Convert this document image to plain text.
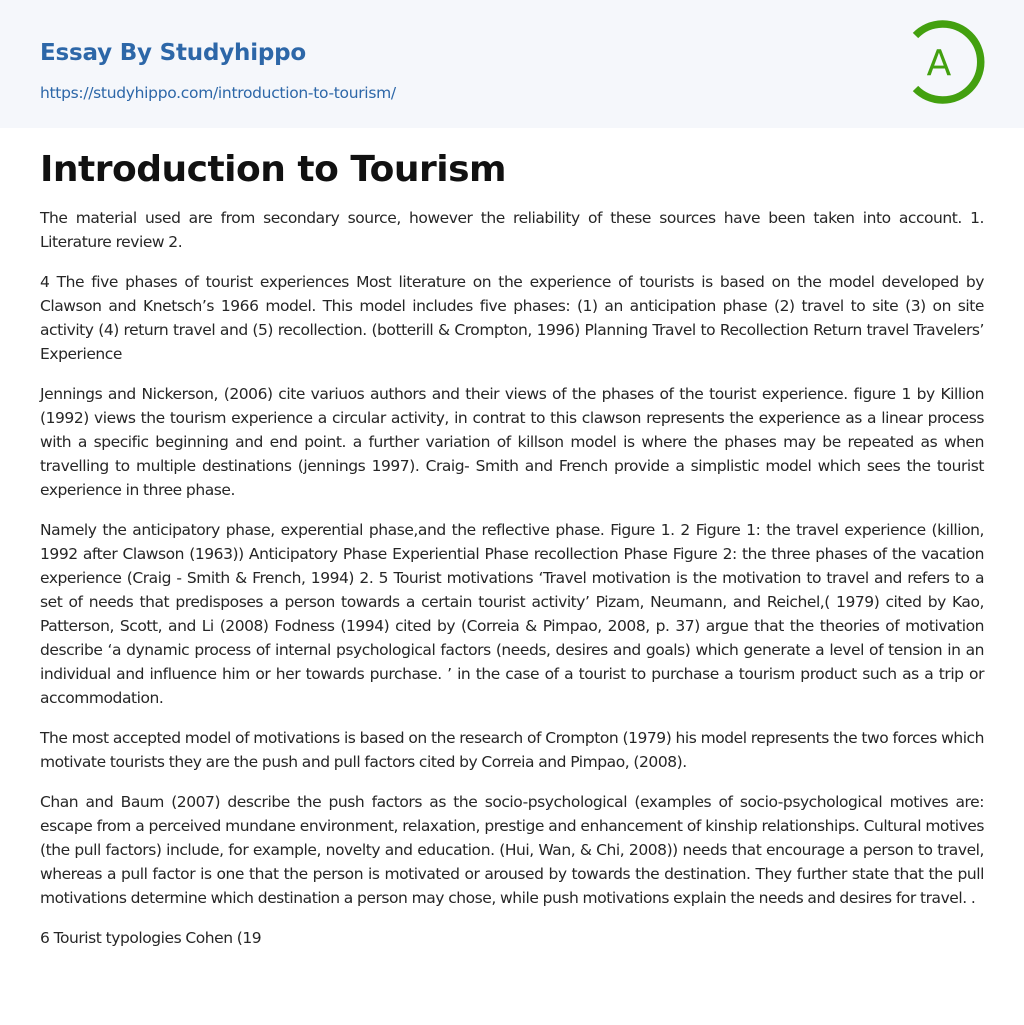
Essay By Studyhippo
https://studyhippo.com/introduction-to-tourism/
A
Introduction to Tourism

The material used are from secondary source, however the reliability of these sources have been taken into account. 1. Literature review 2.

4 The five phases of tourist experiences Most literature on the experience of tourists is based on the model developed by Clawson and Knetsch’s 1966 model. This model includes five phases: (1) an anticipation phase (2) travel to site (3) on site activity (4) return travel and (5) recollection. (botterill & Crompton, 1996) Planning Travel to Recollection Return travel Travelers’ Experience

Jennings and Nickerson, (2006) cite variuos authors and their views of the phases of the tourist experience. figure 1 by Killion (1992) views the tourism experience a circular activity, in contrat to this clawson represents the experience as a linear process with a specific beginning and end point. a further variation of killson model is where the phases may be repeated as when travelling to multiple destinations (jennings 1997). Craig- Smith and French provide a simplistic model which sees the tourist experience in three phase.

Namely the anticipatory phase, experential phase,and the reflective phase. Figure 1. 2 Figure 1: the travel experience (killion, 1992 after Clawson (1963)) Anticipatory Phase Experiential Phase recollection Phase Figure 2: the three phases of the vacation experience (Craig - Smith & French, 1994) 2. 5 Tourist motivations ‘Travel motivation is the motivation to travel and refers to a set of needs that predisposes a person towards a certain tourist activity’ Pizam, Neumann, and Reichel,( 1979) cited by Kao, Patterson, Scott, and Li (2008) Fodness (1994) cited by (Correia & Pimpao, 2008, p. 37) argue that the theories of motivation describe ‘a dynamic process of internal psychological factors (needs, desires and goals) which generate a level of tension in an individual and influence him or her towards purchase. ’ in the case of a tourist to purchase a tourism product such as a trip or accommodation.

The most accepted model of motivations is based on the research of Crompton (1979) his model represents the two forces which motivate tourists they are the push and pull factors cited by Correia and Pimpao, (2008).

Chan and Baum (2007) describe the push factors as the socio-psychological (examples of socio-psychological motives are: escape from a perceived mundane environment, relaxation, prestige and enhancement of kinship relationships. Cultural motives (the pull factors) include, for example, novelty and education. (Hui, Wan, & Chi, 2008)) needs that encourage a person to travel, whereas a pull factor is one that the person is motivated or aroused by towards the destination. They further state that the pull motivations determine which destination a person may chose, while push motivations explain the needs and desires for travel. .

6 Tourist typologies Cohen (19
